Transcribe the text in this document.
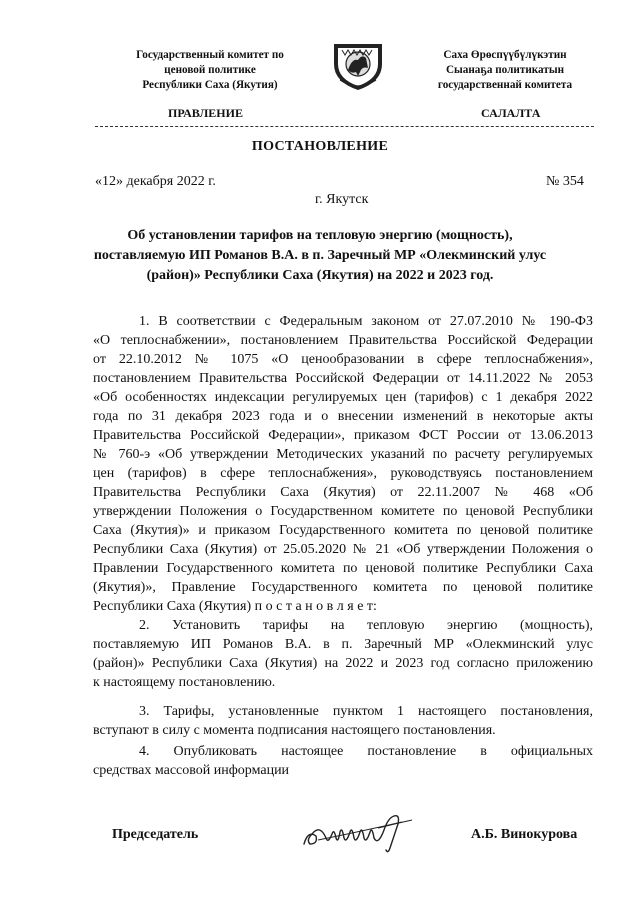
Государственный комитет по
ценовой политике
Республики Саха (Якутия)
Саха Өрөспүүбүлүкэтин
Сыанаҕа политикатын
государственнай комитета
ПРАВЛЕНИЕ	САЛАЛТА
ПОСТАНОВЛЕНИЕ
«12» декабря 2022 г.	№ 354
г. Якутск
Об установлении тарифов на тепловую энергию (мощность),
поставляемую ИП Романов В.А. в п. Заречный МР «Олекминский улус
(район)» Республики Саха (Якутия) на 2022 и 2023 год.
1. В соответствии с Федеральным законом от 27.07.2010 № 190-ФЗ
«О теплоснабжении», постановлением Правительства Российской Федерации
от 22.10.2012 № 1075 «О ценообразовании в сфере теплоснабжения»,
постановлением Правительства Российской Федерации от 14.11.2022 № 2053
«Об особенностях индексации регулируемых цен (тарифов) с 1 декабря 2022
года по 31 декабря 2023 года и о внесении изменений в некоторые акты
Правительства Российской Федерации», приказом ФСТ России от 13.06.2013
№ 760-э «Об утверждении Методических указаний по расчету регулируемых
цен (тарифов) в сфере теплоснабжения», руководствуясь постановлением
Правительства Республики Саха (Якутия) от 22.11.2007 № 468 «Об
утверждении Положения о Государственном комитете по ценовой Республики
Саха (Якутия)» и приказом Государственного комитета по ценовой политике
Республики Саха (Якутия) от 25.05.2020 № 21 «Об утверждении Положения о
Правлении Государственного комитета по ценовой политике Республики Саха
(Якутия)», Правление Государственного комитета по ценовой политике
Республики Саха (Якутия) п о с т а н о в л я е т:
2. Установить тарифы на тепловую энергию (мощность),
поставляемую ИП Романов В.А. в п. Заречный МР «Олекминский улус
(район)» Республики Саха (Якутия) на 2022 и 2023 год согласно приложению
к настоящему постановлению.
3. Тарифы, установленные пунктом 1 настоящего постановления,
вступают в силу с момента подписания настоящего постановления.
4. Опубликовать настоящее постановление в официальных
средствах массовой информации
Председатель	А.Б. Винокурова
